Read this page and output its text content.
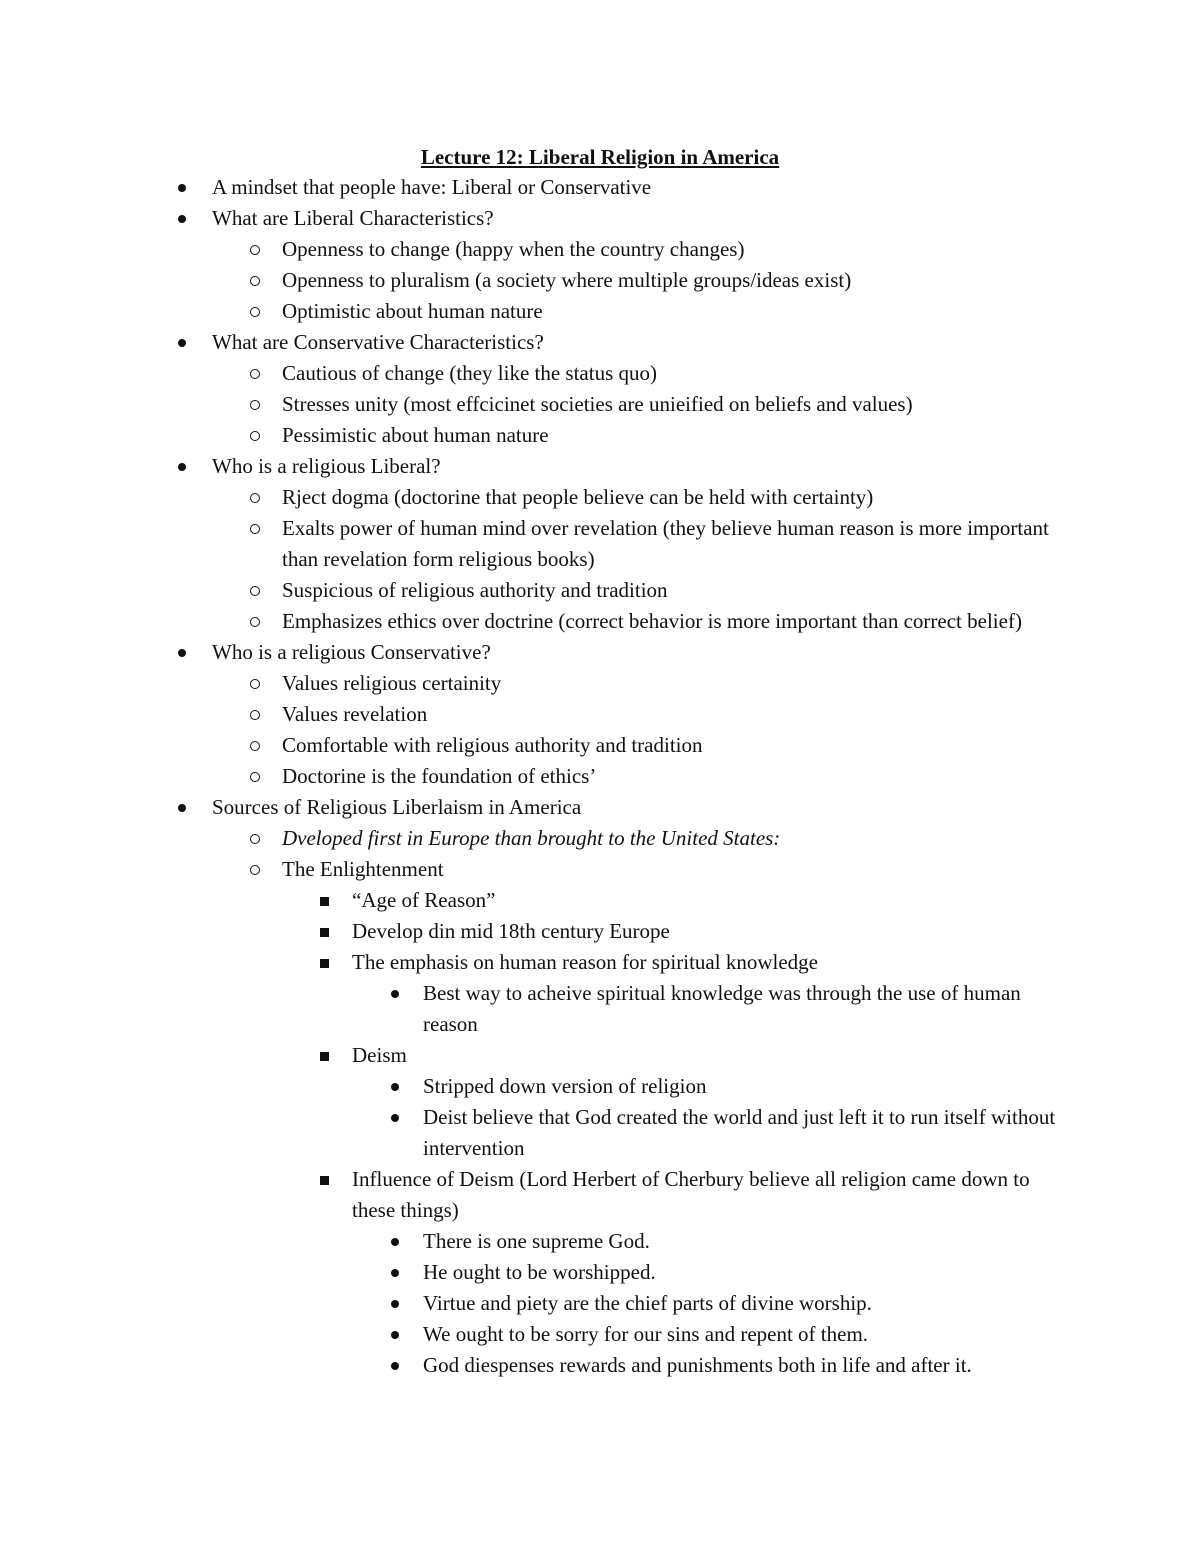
Lecture 12: Liberal Religion in America
A mindset that people have: Liberal or Conservative
What are Liberal Characteristics?
Openness to change (happy when the country changes)
Openness to pluralism (a society where multiple groups/ideas exist)
Optimistic about human nature
What are Conservative Characteristics?
Cautious of change (they like the status quo)
Stresses unity (most effcicinet societies are unieified on beliefs and values)
Pessimistic about human nature
Who is a religious Liberal?
Rject dogma (doctorine that people believe can be held with certainty)
Exalts power of human mind over revelation (they believe human reason is more important than revelation form religious books)
Suspicious of religious authority and tradition
Emphasizes ethics over doctrine (correct behavior is more important than correct belief)
Who is a religious Conservative?
Values religious certainity
Values revelation
Comfortable with religious authority and tradition
Doctorine is the foundation of ethics’
Sources of Religious Liberlaism in America
Dveloped first in Europe than brought to the United States:
The Enlightenment
“Age of Reason”
Develop din mid 18th century Europe
The emphasis on human reason for spiritual knowledge
Best way to acheive spiritual knowledge was through the use of human reason
Deism
Stripped down version of religion
Deist believe that God created the world and just left it to run itself without intervention
Influence of Deism (Lord Herbert of Cherbury believe all religion came down to these things)
There is one supreme God.
He ought to be worshipped.
Virtue and piety are the chief parts of divine worship.
We ought to be sorry for our sins and repent of them.
God diespenses rewards and punishments both in life and after it.
